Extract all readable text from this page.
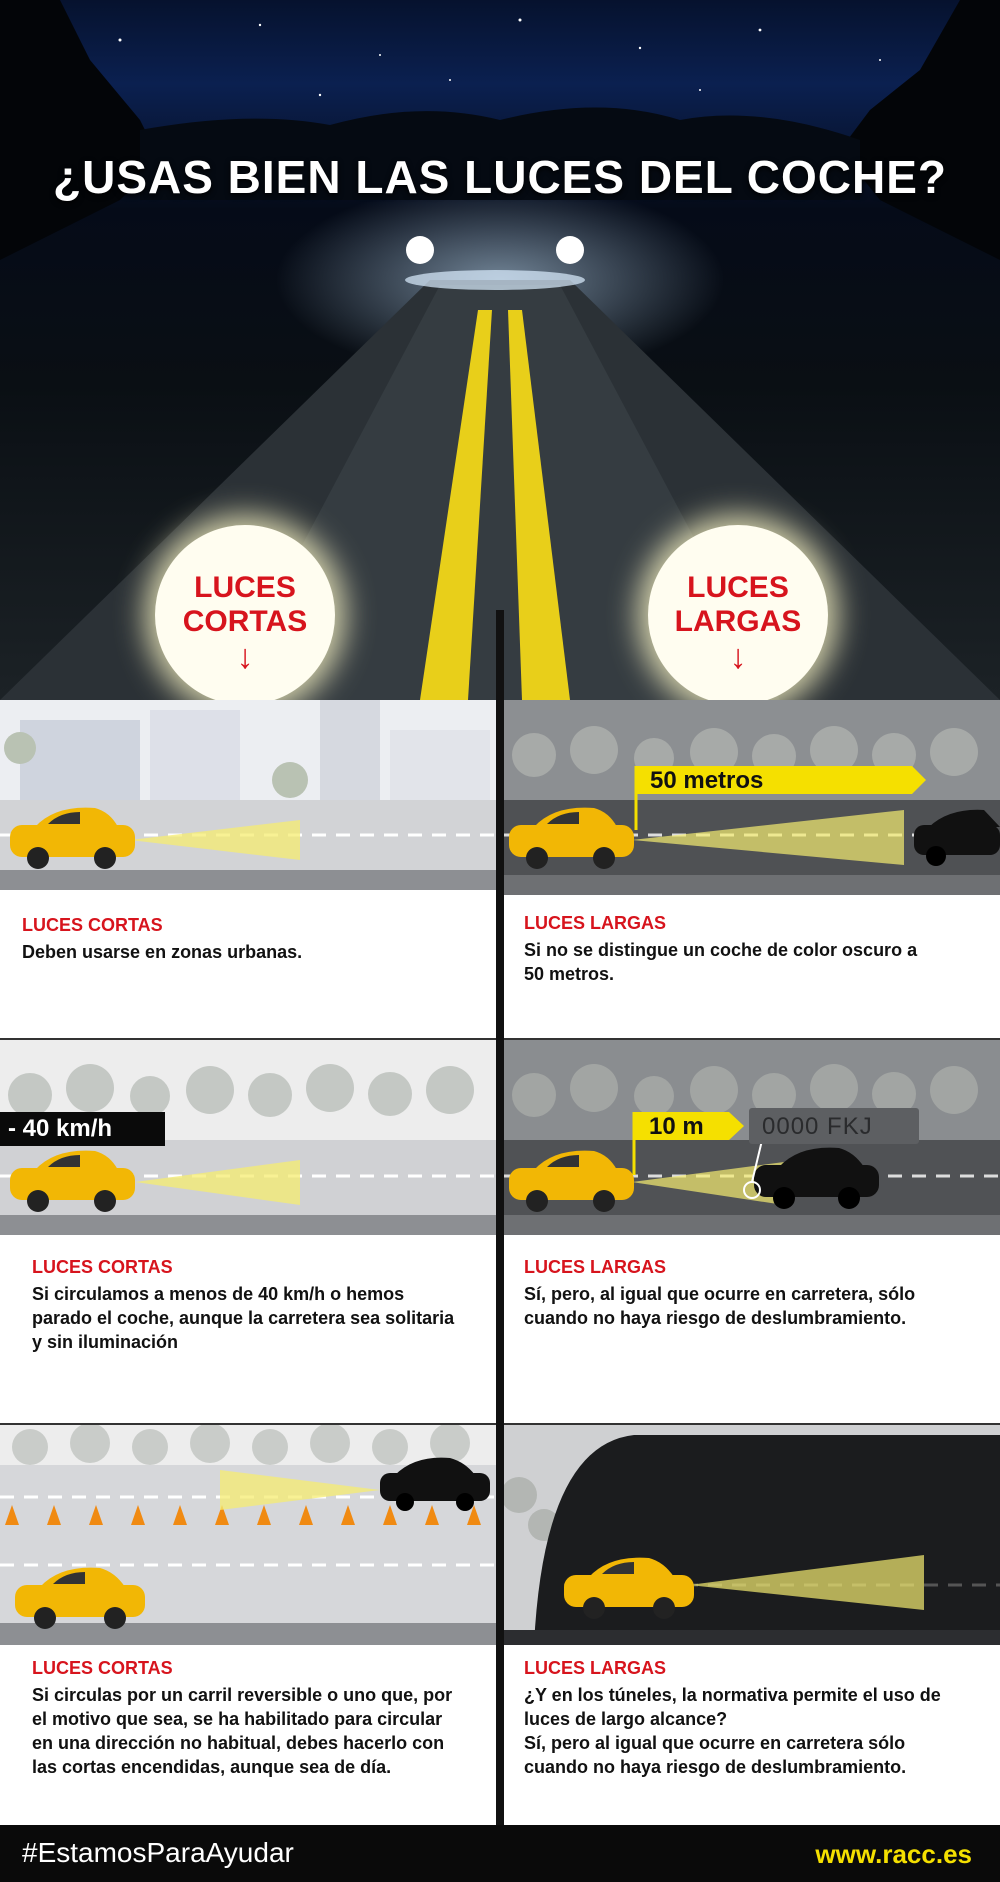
¿USAS BIEN LAS LUCES DEL COCHE?
LUCES
CORTAS
↓
LUCES
LARGAS
↓
LUCES CORTAS
Deben usarse en zonas urbanas.
50 metros
LUCES LARGAS
Si no se distingue un coche de color oscuro a
50 metros.
- 40 km/h
LUCES CORTAS
Si circulamos a menos de 40 km/h o hemos
parado el coche, aunque la carretera sea solitaria
y sin iluminación
10 m 0000 FKJ
LUCES LARGAS
Sí, pero, al igual que ocurre en carretera, sólo
cuando no haya riesgo de deslumbramiento.
LUCES CORTAS
Si circulas por un carril reversible o uno que, por
el motivo que sea, se ha habilitado para circular
en una dirección no habitual, debes hacerlo con
las cortas encendidas, aunque sea de día.
LUCES LARGAS
¿Y en los túneles, la normativa permite el uso de
luces de largo alcance?
Sí, pero al igual que ocurre en carretera sólo
cuando no haya riesgo de deslumbramiento.
#EstamosParaAyudar	www.racc.es
